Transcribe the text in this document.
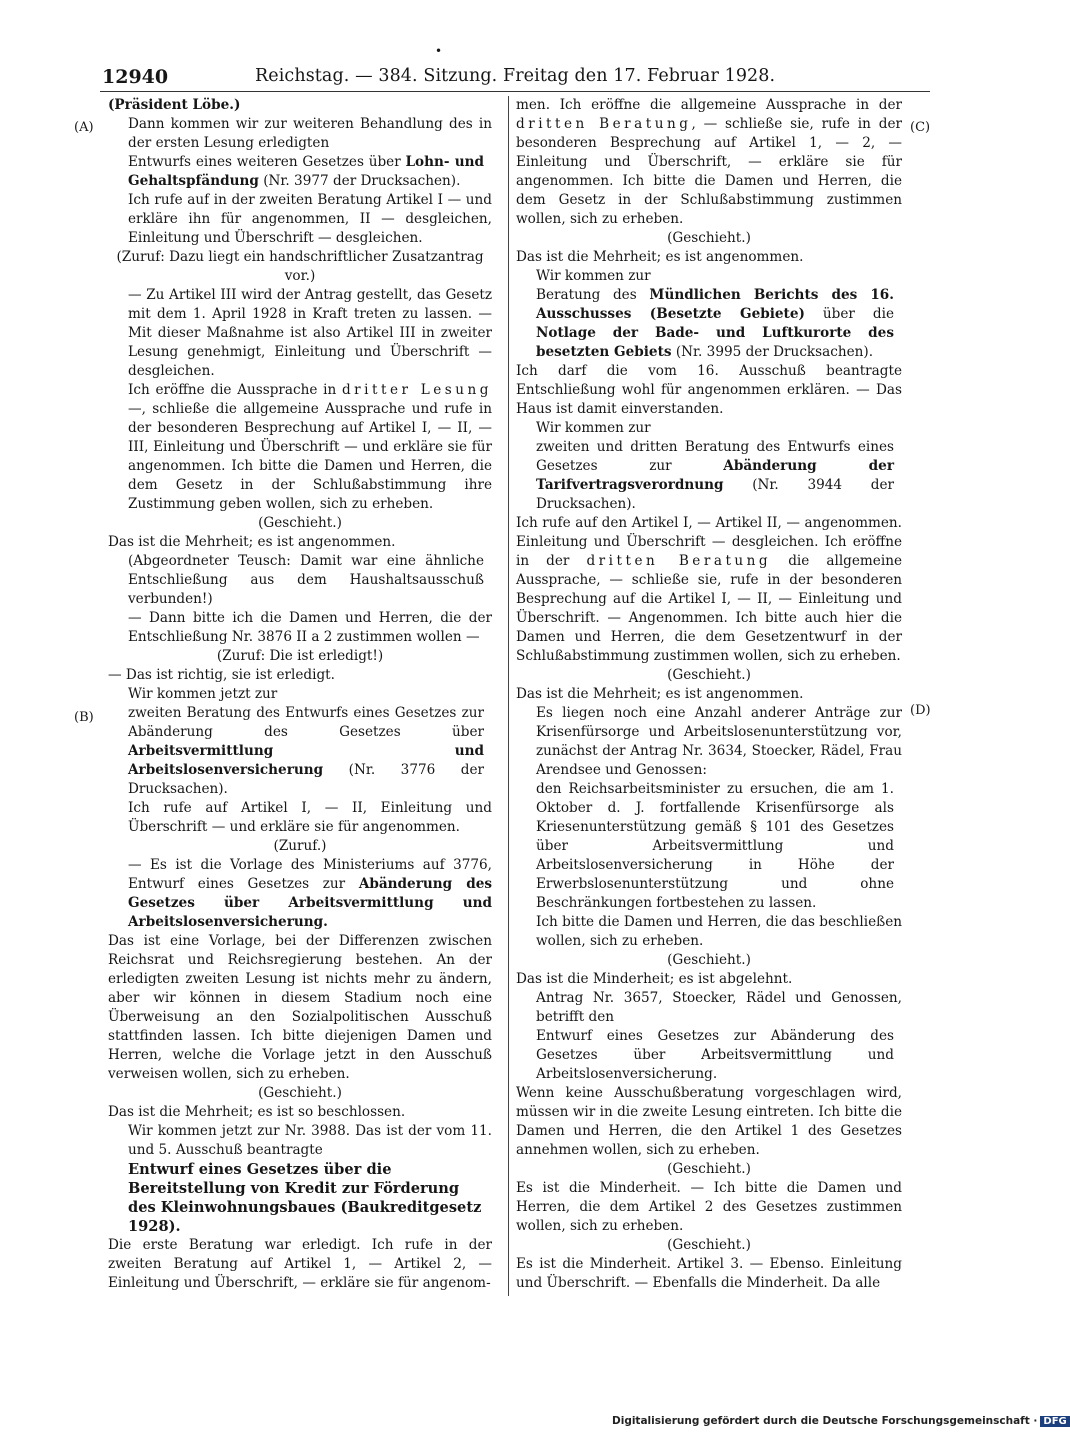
•
12940	Reichstag. — 384. Sitzung. Freitag den 17. Februar 1928.
(A)
(B)
(C)
(D)

(Präsident Löbe.)

Dann kommen wir zur weiteren Behandlung des in der ersten Lesung erledigten

Entwurfs eines weiteren Gesetzes über Lohn- und Gehaltspfändung (Nr. 3977 der Drucksachen).

Ich rufe auf in der zweiten Beratung Artikel I — und erkläre ihn für angenommen, II — desgleichen, Einleitung und Überschrift — desgleichen.

(Zuruf: Dazu liegt ein handschriftlicher Zusatzantrag vor.)

— Zu Artikel III wird der Antrag gestellt, das Gesetz mit dem 1. April 1928 in Kraft treten zu lassen. — Mit dieser Maßnahme ist also Artikel III in zweiter Lesung genehmigt, Einleitung und Überschrift — desgleichen.

Ich eröffne die Aussprache in dritter Lesung —, schließe die allgemeine Aussprache und rufe in der besonderen Besprechung auf Artikel I, — II, — III, Einleitung und Überschrift — und erkläre sie für angenommen. Ich bitte die Damen und Herren, die dem Gesetz in der Schlußabstimmung ihre Zustimmung geben wollen, sich zu erheben.

(Geschieht.)

Das ist die Mehrheit; es ist angenommen.

(Abgeordneter Teusch: Damit war eine ähnliche Entschließung aus dem Haushaltsausschuß verbunden!)

— Dann bitte ich die Damen und Herren, die der Entschließung Nr. 3876 II a 2 zustimmen wollen —

(Zuruf: Die ist erledigt!)

— Das ist richtig, sie ist erledigt.

Wir kommen jetzt zur

zweiten Beratung des Entwurfs eines Gesetzes zur Abänderung des Gesetzes über Arbeitsvermittlung und Arbeitslosenversicherung (Nr. 3776 der Drucksachen).

Ich rufe auf Artikel I, — II, Einleitung und Überschrift — und erkläre sie für angenommen.

(Zuruf.)

— Es ist die Vorlage des Ministeriums auf 3776, Entwurf eines Gesetzes zur Abänderung des Gesetzes über Arbeitsvermittlung und Arbeitslosenversicherung.

Das ist eine Vorlage, bei der Differenzen zwischen Reichsrat und Reichsregierung bestehen. An der erledigten zweiten Lesung ist nichts mehr zu ändern, aber wir können in diesem Stadium noch eine Überweisung an den Sozialpolitischen Ausschuß stattfinden lassen. Ich bitte diejenigen Damen und Herren, welche die Vorlage jetzt in den Ausschuß verweisen wollen, sich zu erheben.

(Geschieht.)

Das ist die Mehrheit; es ist so beschlossen.

Wir kommen jetzt zur Nr. 3988. Das ist der vom 11. und 5. Ausschuß beantragte

Entwurf eines Gesetzes über die Bereitstellung von Kredit zur Förderung des Kleinwohnungsbaues (Baukreditgesetz 1928).

Die erste Beratung war erledigt. Ich rufe in der zweiten Beratung auf Artikel 1, — Artikel 2, — Einleitung und Überschrift, — erkläre sie für angenom-

men. Ich eröffne die allgemeine Aussprache in der dritten Beratung, — schließe sie, rufe in der besonderen Besprechung auf Artikel 1, — 2, — Einleitung und Überschrift, — erkläre sie für angenommen. Ich bitte die Damen und Herren, die dem Gesetz in der Schlußabstimmung zustimmen wollen, sich zu erheben.

(Geschieht.)

Das ist die Mehrheit; es ist angenommen.

Wir kommen zur

Beratung des Mündlichen Berichts des 16. Ausschusses (Besetzte Gebiete) über die Notlage der Bade- und Luftkurorte des besetzten Gebiets (Nr. 3995 der Drucksachen).

Ich darf die vom 16. Ausschuß beantragte Entschließung wohl für angenommen erklären. — Das Haus ist damit einverstanden.

Wir kommen zur

zweiten und dritten Beratung des Entwurfs eines Gesetzes zur Abänderung der Tarifvertragsverordnung (Nr. 3944 der Drucksachen).

Ich rufe auf den Artikel I, — Artikel II, — angenommen. Einleitung und Überschrift — desgleichen. Ich eröffne in der dritten Beratung die allgemeine Aussprache, — schließe sie, rufe in der besonderen Besprechung auf die Artikel I, — II, — Einleitung und Überschrift. — Angenommen. Ich bitte auch hier die Damen und Herren, die dem Gesetzentwurf in der Schlußabstimmung zustimmen wollen, sich zu erheben.

(Geschieht.)

Das ist die Mehrheit; es ist angenommen.

Es liegen noch eine Anzahl anderer Anträge zur Krisenfürsorge und Arbeitslosenunterstützung vor, zunächst der Antrag Nr. 3634, Stoecker, Rädel, Frau Arendsee und Genossen:

den Reichsarbeitsminister zu ersuchen, die am 1. Oktober d. J. fortfallende Krisenfürsorge als Kriesenunterstützung gemäß § 101 des Gesetzes über Arbeitsvermittlung und Arbeitslosenversicherung in Höhe der Erwerbslosenunterstützung und ohne Beschränkungen fortbestehen zu lassen.

Ich bitte die Damen und Herren, die das beschließen wollen, sich zu erheben.

(Geschieht.)

Das ist die Minderheit; es ist abgelehnt.

Antrag Nr. 3657, Stoecker, Rädel und Genossen, betrifft den

Entwurf eines Gesetzes zur Abänderung des Gesetzes über Arbeitsvermittlung und Arbeitslosenversicherung.

Wenn keine Ausschußberatung vorgeschlagen wird, müssen wir in die zweite Lesung eintreten. Ich bitte die Damen und Herren, die den Artikel 1 des Gesetzes annehmen wollen, sich zu erheben.

(Geschieht.)

Es ist die Minderheit. — Ich bitte die Damen und Herren, die dem Artikel 2 des Gesetzes zustimmen wollen, sich zu erheben.

(Geschieht.)

Es ist die Minderheit. Artikel 3. — Ebenso. Einleitung und Überschrift. — Ebenfalls die Minderheit. Da alle

Digitalisierung gefördert durch die Deutsche Forschungsgemeinschaft · DFG
